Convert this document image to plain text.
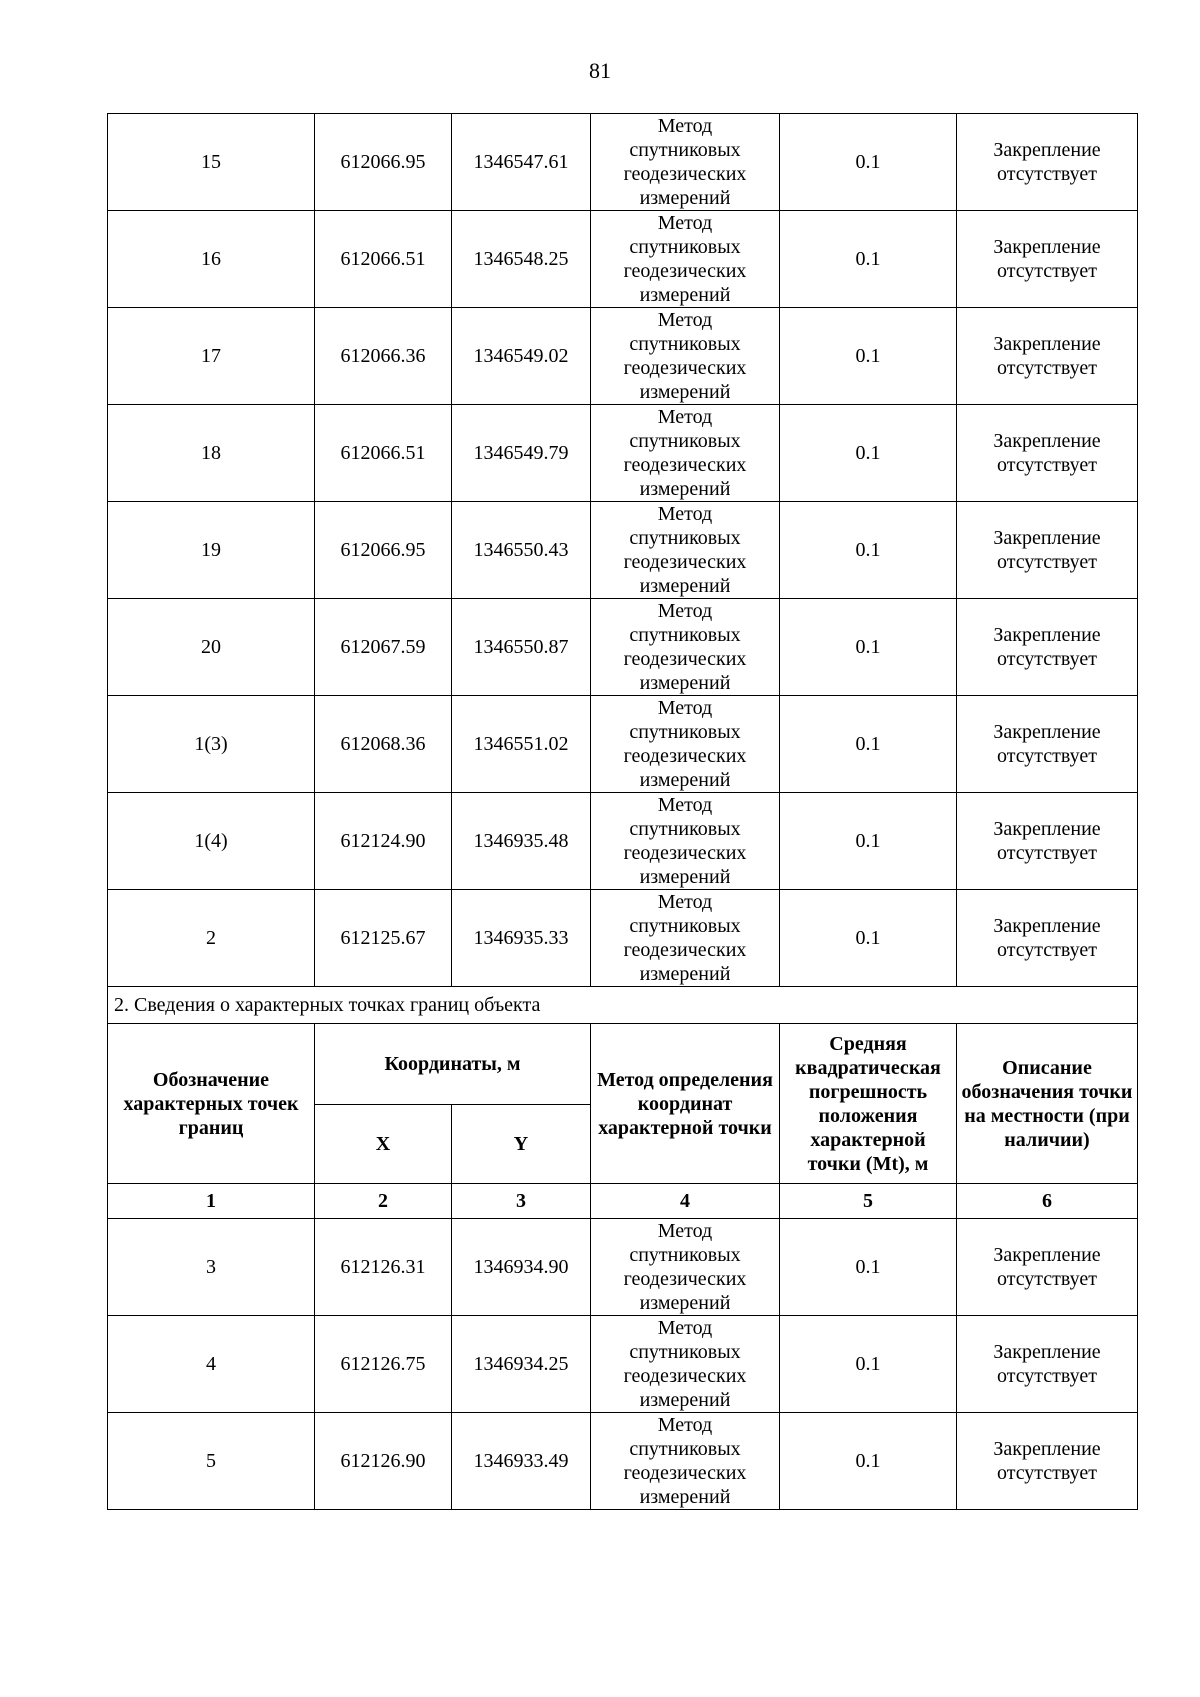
81
15	612066.95	1346547.61	Метод
спутниковых
геодезических
измерений	0.1	Закрепление
отсутствует

16	612066.51	1346548.25	Метод
спутниковых
геодезических
измерений	0.1	Закрепление
отсутствует

17	612066.36	1346549.02	Метод
спутниковых
геодезических
измерений	0.1	Закрепление
отсутствует

18	612066.51	1346549.79	Метод
спутниковых
геодезических
измерений	0.1	Закрепление
отсутствует

19	612066.95	1346550.43	Метод
спутниковых
геодезических
измерений	0.1	Закрепление
отсутствует

20	612067.59	1346550.87	Метод
спутниковых
геодезических
измерений	0.1	Закрепление
отсутствует

1(3)	612068.36	1346551.02	Метод
спутниковых
геодезических
измерений	0.1	Закрепление
отсутствует

1(4)	612124.90	1346935.48	Метод
спутниковых
геодезических
измерений	0.1	Закрепление
отсутствует

2	612125.67	1346935.33	Метод
спутниковых
геодезических
измерений	0.1	Закрепление
отсутствует

2. Сведения о характерных точках границ объекта					
Обозначение характерных точек границ	Координаты, м		Метод определения координат характерной точки	Средняя квадратическая погрешность положения характерной точки (Mt), м	Описание обозначения точки на местности (при наличии)
	X	Y			
1	2	3	4	5	6
3	612126.31	1346934.90	Метод
спутниковых
геодезических
измерений	0.1	Закрепление
отсутствует

4	612126.75	1346934.25	Метод
спутниковых
геодезических
измерений	0.1	Закрепление
отсутствует

5	612126.90	1346933.49	Метод
спутниковых
геодезических
измерений	0.1	Закрепление
отсутствует
